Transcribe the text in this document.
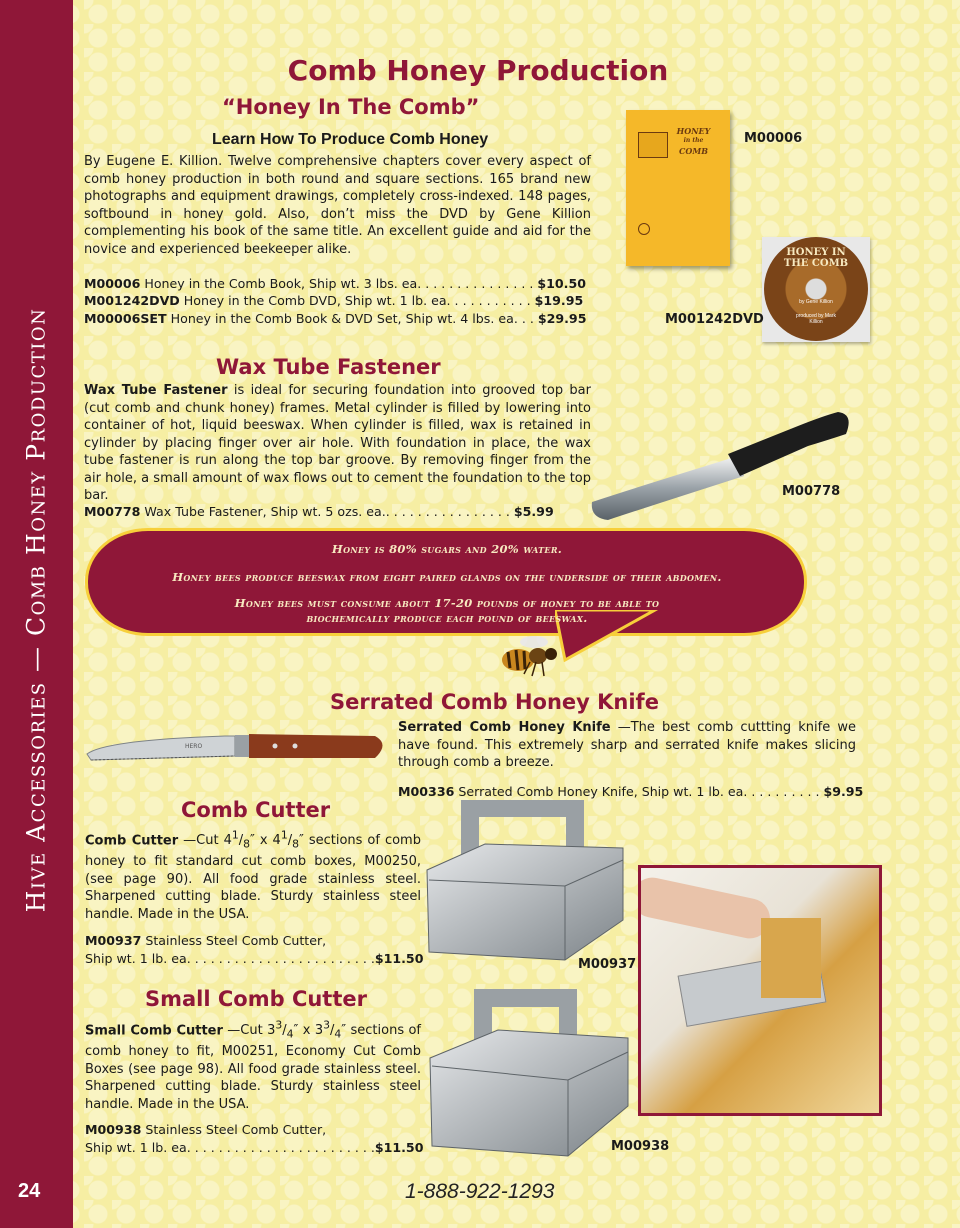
Hive Accessories — Comb Honey Production
24
Comb Honey Production
“Honey In The Comb”
Learn How To Produce Comb Honey
By Eugene E. Killion. Twelve comprehensive chapters cover every aspect of comb honey production in both round and square sections. 165 brand new photographs and equipment drawings, completely cross-indexed. 148 pages, softbound in honey gold. Also, don’t miss the DVD by Gene Killion complementing his book of the same title. An excellent guide and aid for the novice and experienced beekeeper alike.
M00006 Honey in the Comb Book, Ship wt. 3 lbs. ea. . . . . . . . . . . . . . . $10.50
M001242DVD Honey in the Comb DVD, Ship wt. 1 lb. ea. . . . . . . . . . . $19.95
M00006SET Honey in the Comb Book & DVD Set, Ship wt. 4 lbs. ea. . . $29.95
HONEY
in the
COMB
M00006
HONEY IN THE COMB
by Gene Killion
produced by Mark Killion
M001242DVD
Wax Tube Fastener
Wax Tube Fastener is ideal for securing foundation into grooved top bar (cut comb and chunk honey) frames. Metal cylinder is filled by lowering into container of hot, liquid beeswax. When cylinder is filled, wax is retained in cylinder by placing finger over air hole. With foundation in place, the wax tube fastener is run along the top bar groove. By removing finger from the air hole, a small amount of wax flows out to cement the foundation to the top bar.
M00778 Wax Tube Fastener, Ship wt. 5 ozs. ea.. . . . . . . . . . . . . . . . $5.99
M00778
Honey is 80% sugars and 20% water.
Honey bees produce beeswax from eight paired glands on the underside of their abdomen.
Honey bees must consume about 17-20 pounds of honey to be able to
biochemically produce each pound of beeswax.
Serrated Comb Honey Knife
Serrated Comb Honey Knife —The best comb cuttting knife we have found. This extremely sharp and serrated knife makes slicing through comb a breeze.
M00336 Serrated Comb Honey Knife, Ship wt. 1 lb. ea. . . . . . . . . . $9.95
HERO
Comb Cutter
Comb Cutter —Cut $4^1/_8''$ x $4^1/_8''$ sections of comb honey to fit standard cut comb boxes, M00250, (see page 90). All food grade stainless steel. Sharpened cutting blade. Sturdy stainless steel handle. Made in the USA.
M00937 Stainless Steel Comb Cutter,
Ship wt. 1 lb. ea. . . . . . . . . . . . . . . . . . . . . . . .$11.50	M00937
Small Comb Cutter
Small Comb Cutter —Cut $3^3/_4''$ x $3^3/_4''$ sections of comb honey to fit, M00251, Economy Cut Comb Boxes (see page 98). All food grade stainless steel. Sharpened cutting blade. Sturdy stainless steel handle. Made in the USA.
M00938 Stainless Steel Comb Cutter,
Ship wt. 1 lb. ea. . . . . . . . . . . . . . . . . . . . . . . .$11.50	M00938
1-888-922-1293
